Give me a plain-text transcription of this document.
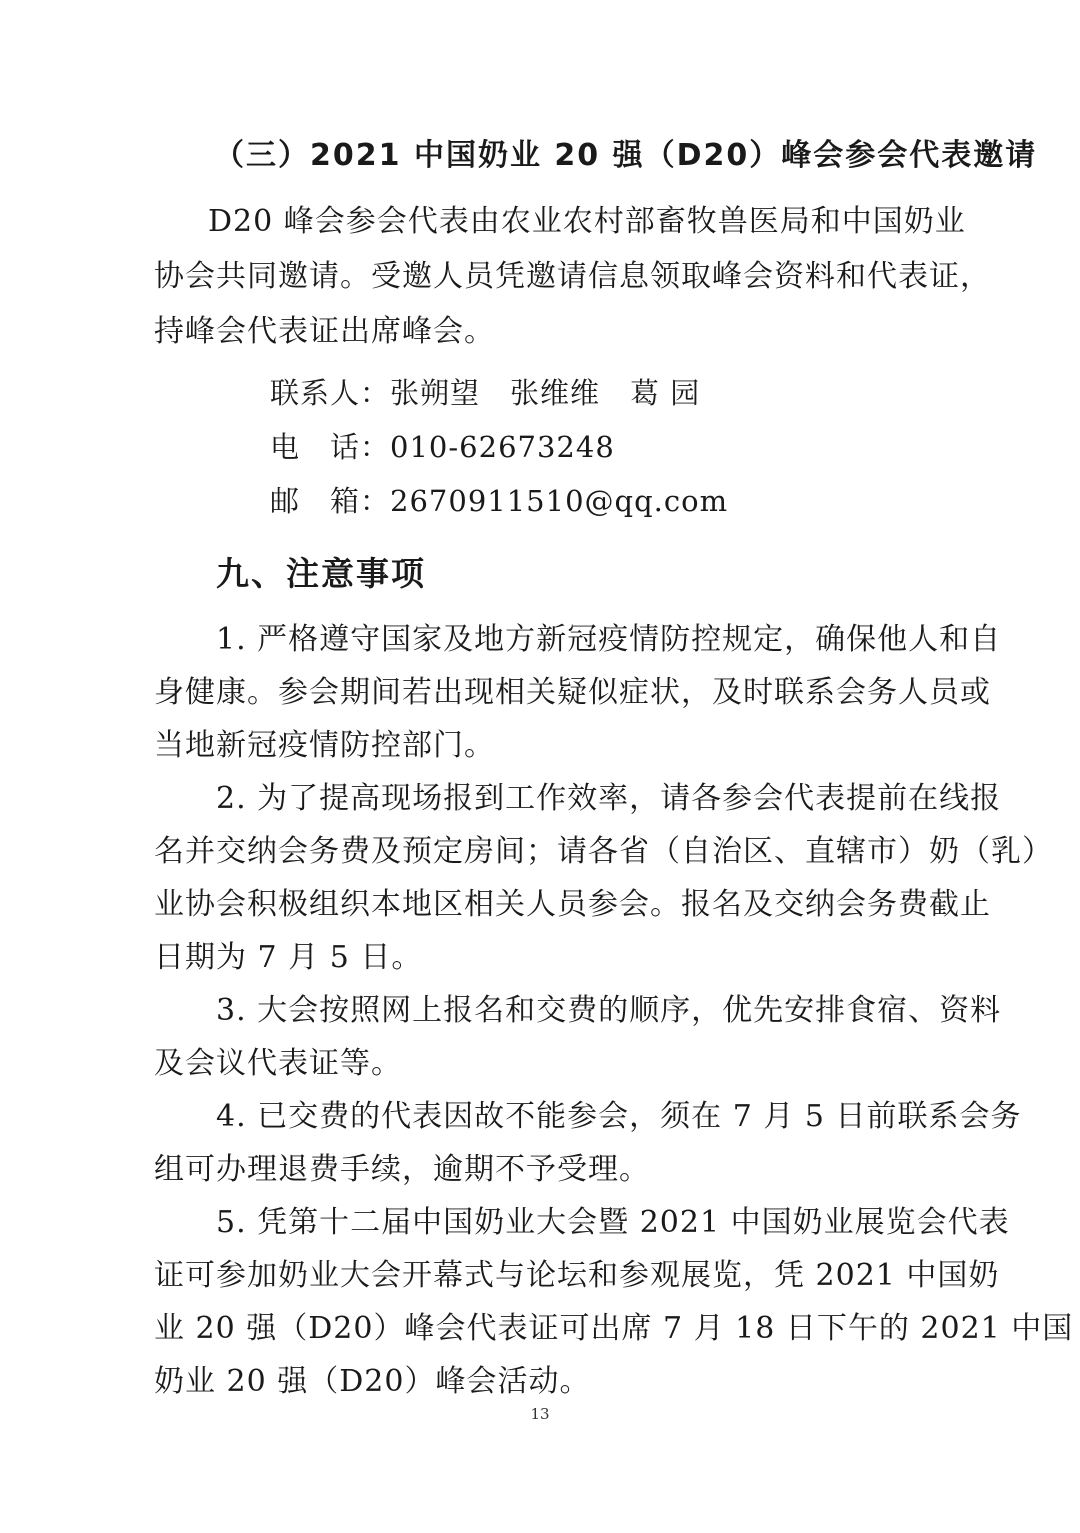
（三）2021 中国奶业 20 强（D20）峰会参会代表邀请
D20 峰会参会代表由农业农村部畜牧兽医局和中国奶业
协会共同邀请。受邀人员凭邀请信息领取峰会资料和代表证，
持峰会代表证出席峰会。
联系人：张朔望　张维维　葛 园
电　话：010-62673248
邮　箱：2670911510@qq.com
九、注意事项
1. 严格遵守国家及地方新冠疫情防控规定，确保他人和自
身健康。参会期间若出现相关疑似症状，及时联系会务人员或
当地新冠疫情防控部门。
2. 为了提高现场报到工作效率，请各参会代表提前在线报
名并交纳会务费及预定房间；请各省（自治区、直辖市）奶（乳）
业协会积极组织本地区相关人员参会。报名及交纳会务费截止
日期为 7 月 5 日。
3. 大会按照网上报名和交费的顺序，优先安排食宿、资料
及会议代表证等。
4. 已交费的代表因故不能参会，须在 7 月 5 日前联系会务
组可办理退费手续，逾期不予受理。
5. 凭第十二届中国奶业大会暨 2021 中国奶业展览会代表
证可参加奶业大会开幕式与论坛和参观展览，凭 2021 中国奶
业 20 强（D20）峰会代表证可出席 7 月 18 日下午的 2021 中国
奶业 20 强（D20）峰会活动。
13
